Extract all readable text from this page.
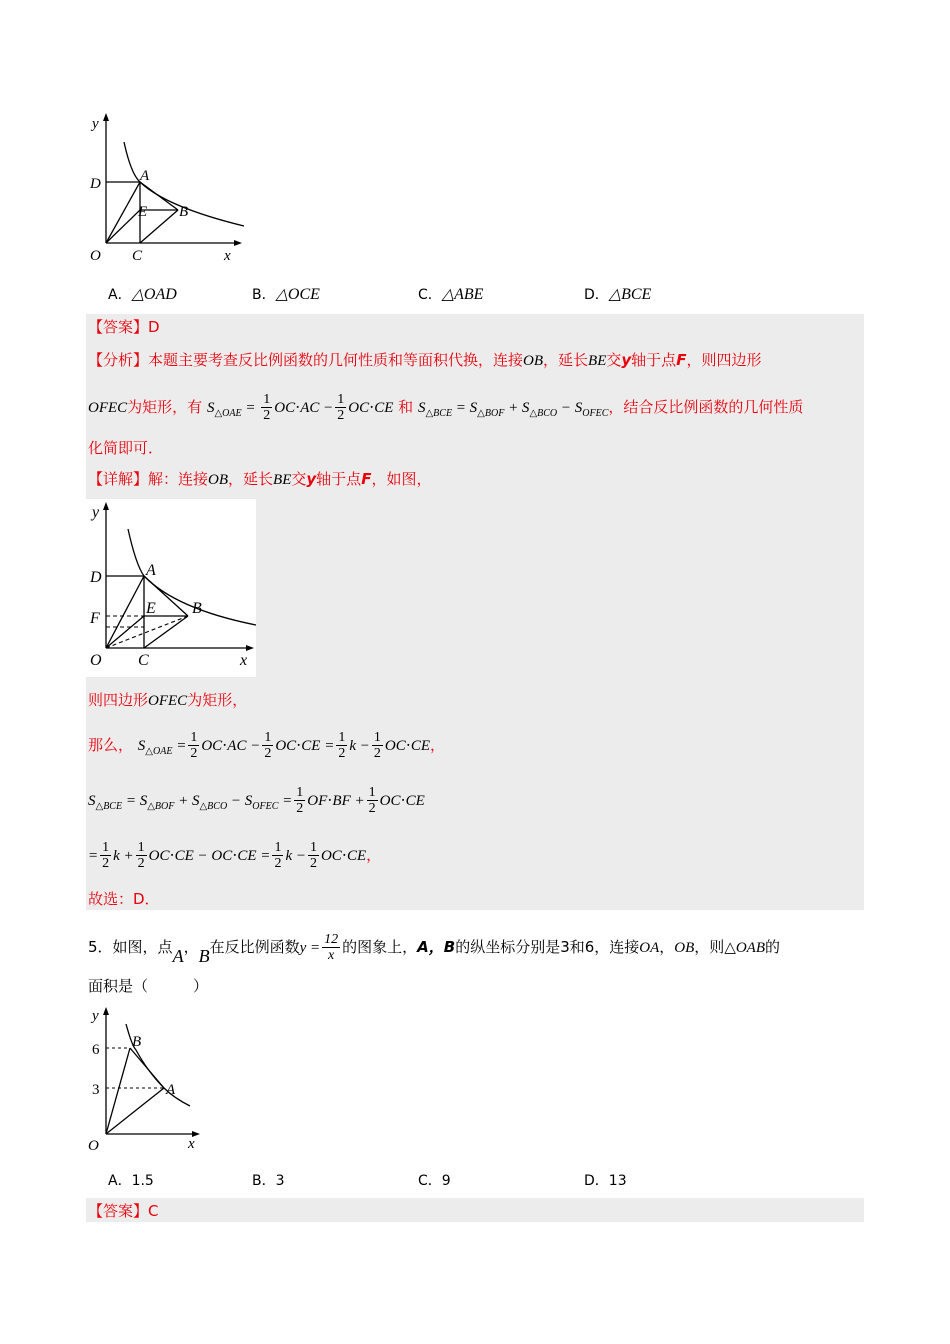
y
x
O
D	A
E B
C
A．△OAD	B．△OCE	C．△ABE	D．△BCE
【答案】D
【分析】本题主要考查反比例函数的几何性质和等面积代换，连接OB，延长BE交y轴于点F，则四边形
OFEC为矩形，有 $S_{\triangle OAE} = \frac{1}{2} OC\cdot AC - \frac{1}{2} OC\cdot CE$ 和 $S_{\triangle BCE} = S_{\triangle BOF} + S_{\triangle BCO} - S_{OFEC}$，结合反比例函数的几何性质
化简即可．
【详解】解：连接OB，延长BE交y轴于点F，如图，
y
x
O
D	A
E B
C
F
则四边形OFEC为矩形，
那么， $S_{\triangle OAE} = \frac{1}{2} OC\cdot AC - \frac{1}{2} OC\cdot CE = \frac{1}{2}$ $k - \frac{1}{2} OC\cdot CE$，
$S_{\triangle BCE} = S_{\triangle BOF} + S_{\triangle BCO} - S_{OFEC} = \frac{1}{2} OF\cdot BF + \frac{1}{2} OC\cdot CE$
= $\frac{1}{2}$ $k + \frac{1}{2} OC\cdot CE - OC\cdot CE = \frac{1}{2}$ $k - \frac{1}{2} OC\cdot CE$，
故选：D．
5．如图，点A，B在反比例函数$y = \frac{12}{x}$ 的图象上，A，B的纵坐标分别是3和6，连接OA，OB，则△OAB的
面积是（　　　）
y
x
O
B
A
6
3
A．1.5	B．3	C．9	D．13
【答案】C
